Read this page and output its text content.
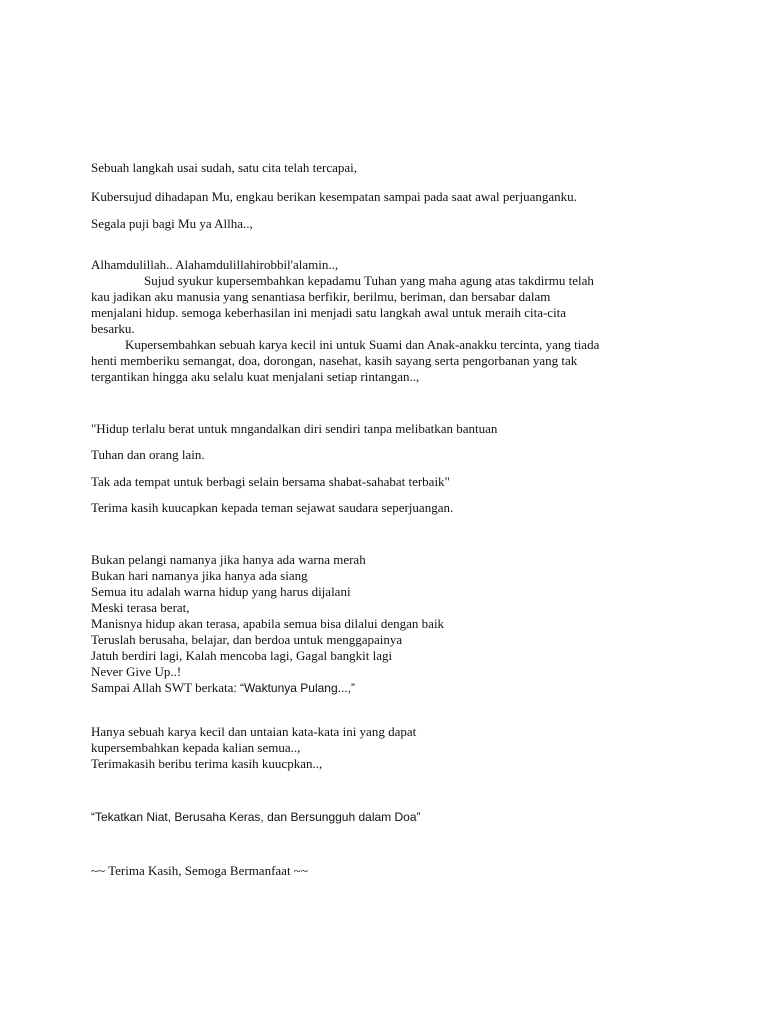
Sebuah langkah usai sudah, satu cita telah tercapai,

Kubersujud dihadapan Mu, engkau berikan kesempatan sampai pada saat awal perjuanganku.

Segala puji bagi Mu ya Allha..,

Alhamdulillah.. Alahamdulillahirobbil'alamin..,
Sujud syukur kupersembahkan kepadamu Tuhan yang maha agung atas takdirmu telah
kau jadikan aku manusia yang senantiasa berfikir, berilmu, beriman, dan bersabar dalam
menjalani hidup. semoga keberhasilan ini menjadi satu langkah awal untuk meraih cita-cita
besarku.
Kupersembahkan sebuah karya kecil ini untuk Suami dan Anak-anakku tercinta, yang tiada
henti memberiku semangat, doa, dorongan, nasehat, kasih sayang serta pengorbanan yang tak
tergantikan hingga aku selalu kuat menjalani setiap rintangan..,

"Hidup terlalu berat untuk mngandalkan diri sendiri tanpa melibatkan bantuan

Tuhan dan orang lain.

Tak ada tempat untuk berbagi selain bersama shabat-sahabat terbaik"

Terima kasih kuucapkan kepada teman sejawat saudara seperjuangan.

Bukan pelangi namanya jika hanya ada warna merah
Bukan hari namanya jika hanya ada siang
Semua itu adalah warna hidup yang harus dijalani
Meski terasa berat,
Manisnya hidup akan terasa, apabila semua bisa dilalui dengan baik
Teruslah berusaha, belajar, dan berdoa untuk menggapainya
Jatuh berdiri lagi, Kalah mencoba lagi, Gagal bangkit lagi
Never Give Up..!
Sampai Allah SWT berkata: “Waktunya Pulang...,”
Hanya sebuah karya kecil dan untaian kata-kata ini yang dapat
kupersembahkan kepada kalian semua..,
Terimakasih beribu terima kasih kuucpkan..,

“Tekatkan Niat, Berusaha Keras, dan Bersungguh dalam Doa”

~~ Terima Kasih, Semoga Bermanfaat ~~
